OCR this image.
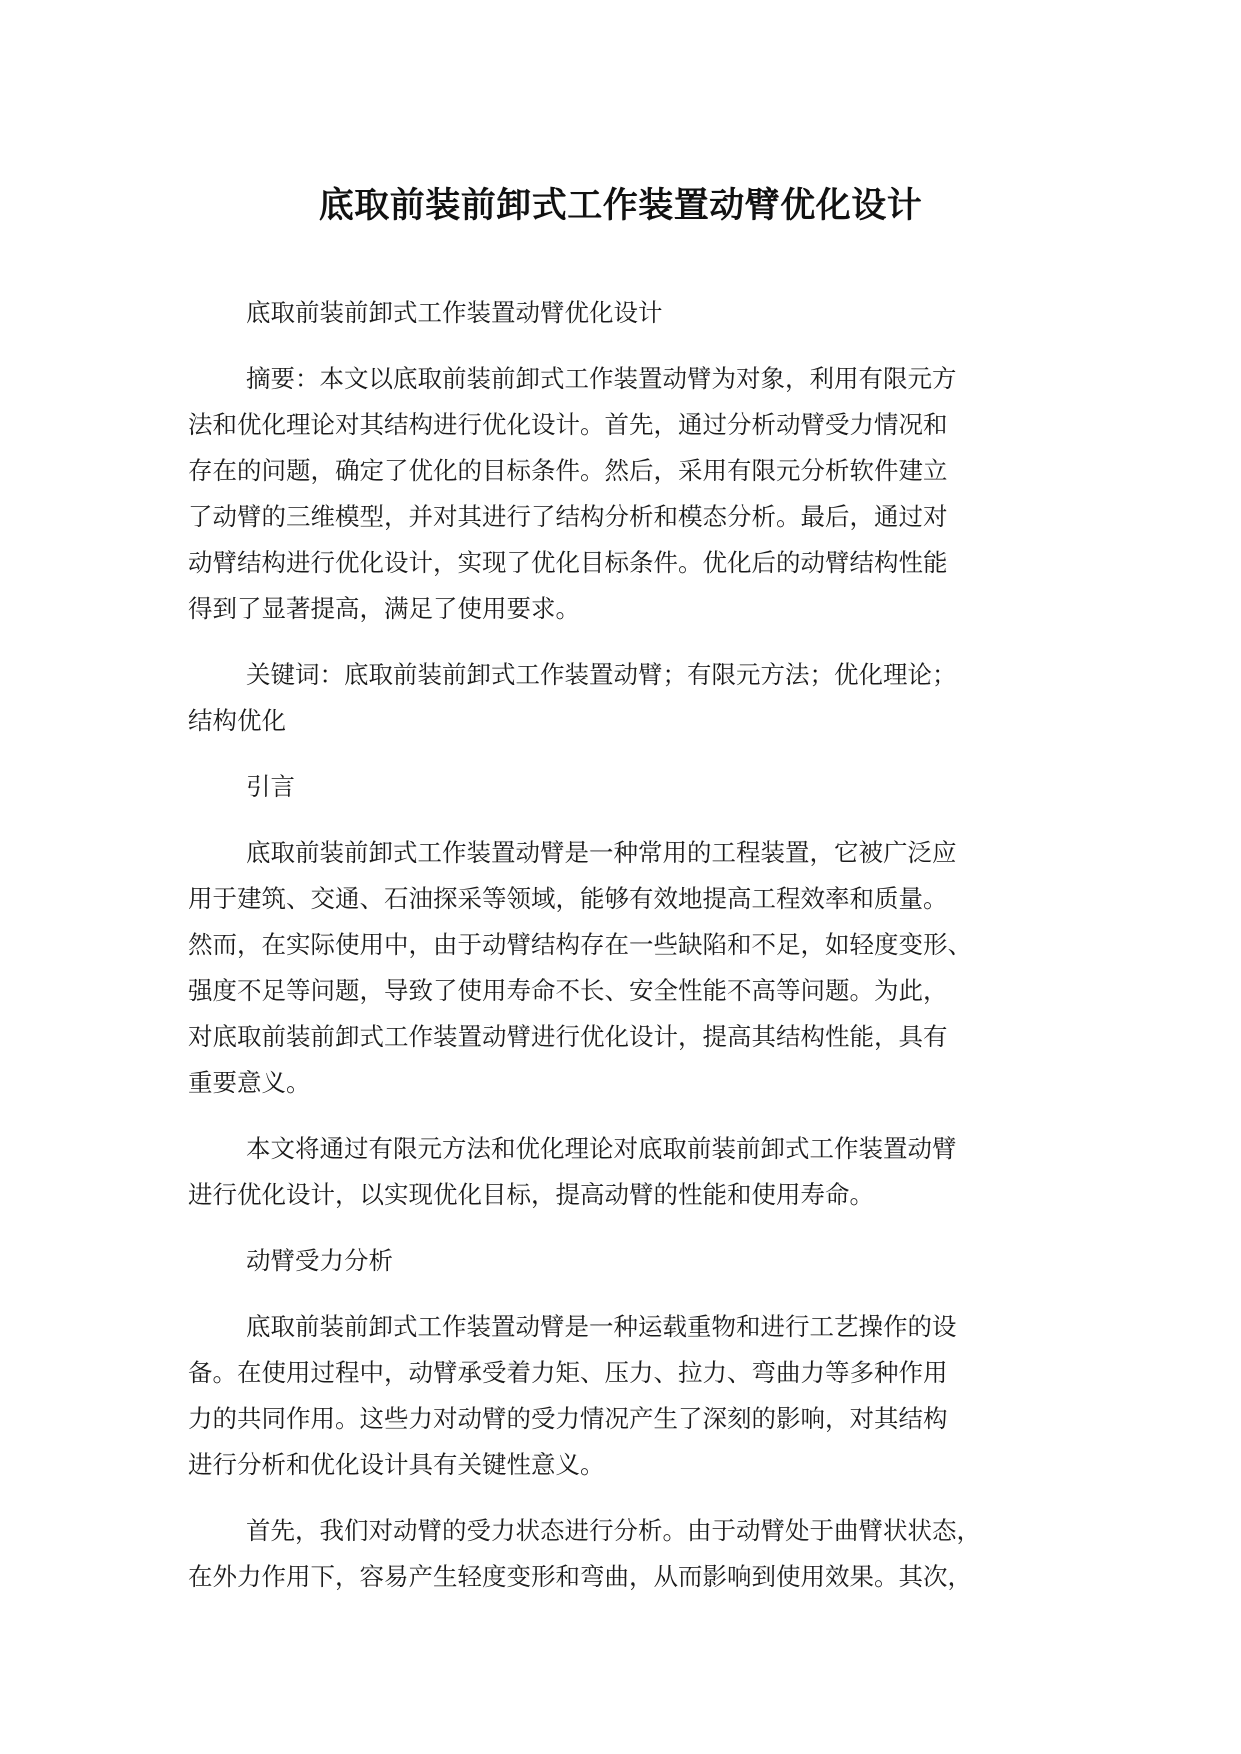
底取前装前卸式工作装置动臂优化设计
底取前装前卸式工作装置动臂优化设计
摘要：本文以底取前装前卸式工作装置动臂为对象，利用有限元方
法和优化理论对其结构进行优化设计。首先，通过分析动臂受力情况和
存在的问题，确定了优化的目标条件。然后，采用有限元分析软件建立
了动臂的三维模型，并对其进行了结构分析和模态分析。最后，通过对
动臂结构进行优化设计，实现了优化目标条件。优化后的动臂结构性能
得到了显著提高，满足了使用要求。
关键词：底取前装前卸式工作装置动臂；有限元方法；优化理论；
结构优化
引言
底取前装前卸式工作装置动臂是一种常用的工程装置，它被广泛应
用于建筑、交通、石油探采等领域，能够有效地提高工程效率和质量。
然而，在实际使用中，由于动臂结构存在一些缺陷和不足，如轻度变形、
强度不足等问题，导致了使用寿命不长、安全性能不高等问题。为此，
对底取前装前卸式工作装置动臂进行优化设计，提高其结构性能，具有
重要意义。
本文将通过有限元方法和优化理论对底取前装前卸式工作装置动臂
进行优化设计，以实现优化目标，提高动臂的性能和使用寿命。
动臂受力分析
底取前装前卸式工作装置动臂是一种运载重物和进行工艺操作的设
备。在使用过程中，动臂承受着力矩、压力、拉力、弯曲力等多种作用
力的共同作用。这些力对动臂的受力情况产生了深刻的影响，对其结构
进行分析和优化设计具有关键性意义。
首先，我们对动臂的受力状态进行分析。由于动臂处于曲臂状状态，
在外力作用下，容易产生轻度变形和弯曲，从而影响到使用效果。其次，
